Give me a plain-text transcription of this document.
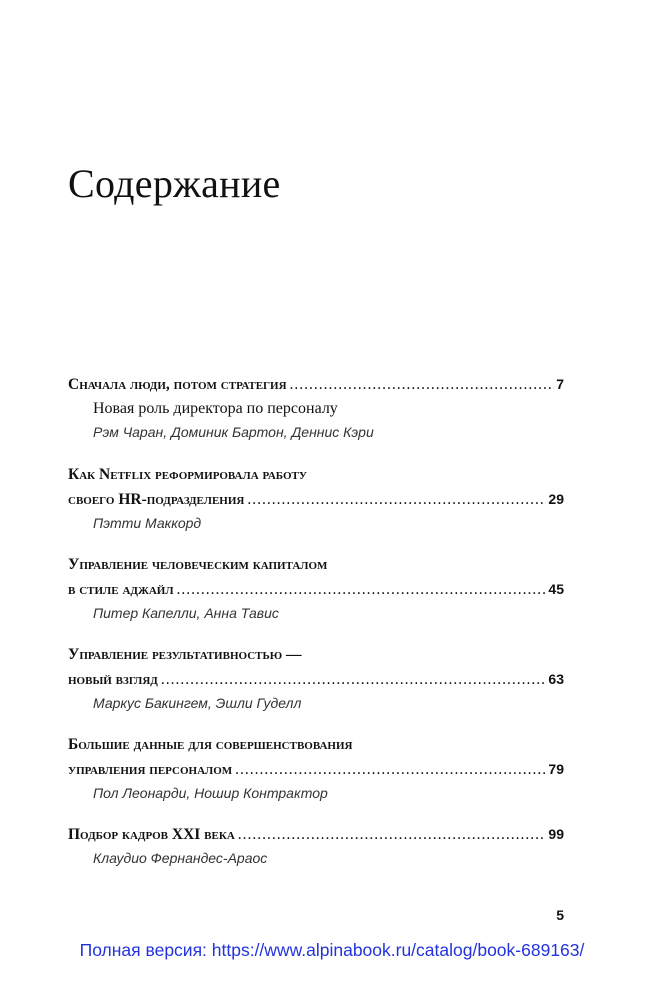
Содержание
Сначала люди, потом стратегия .....	7
Новая роль директора по персоналу
Рэм Чаран, Доминик Бартон, Деннис Кэри
Как Netflix реформировала работу
своего HR-подразделения .....	29
Пэтти Маккорд
Управление человеческим капиталом
в стиле аджайл .....	45
Питер Капелли, Анна Тавис
Управление результативностью —
новый взгляд .....	63
Маркус Бакингем, Эшли Гуделл
Большие данные для совершенствования
управления персоналом .....	79
Пол Леонарди, Ношир Контрактор
Подбор кадров XXI века .....	99
Клаудио Фернандес-Араос
5
Полная версия: https://www.alpinabook.ru/catalog/book-689163/
